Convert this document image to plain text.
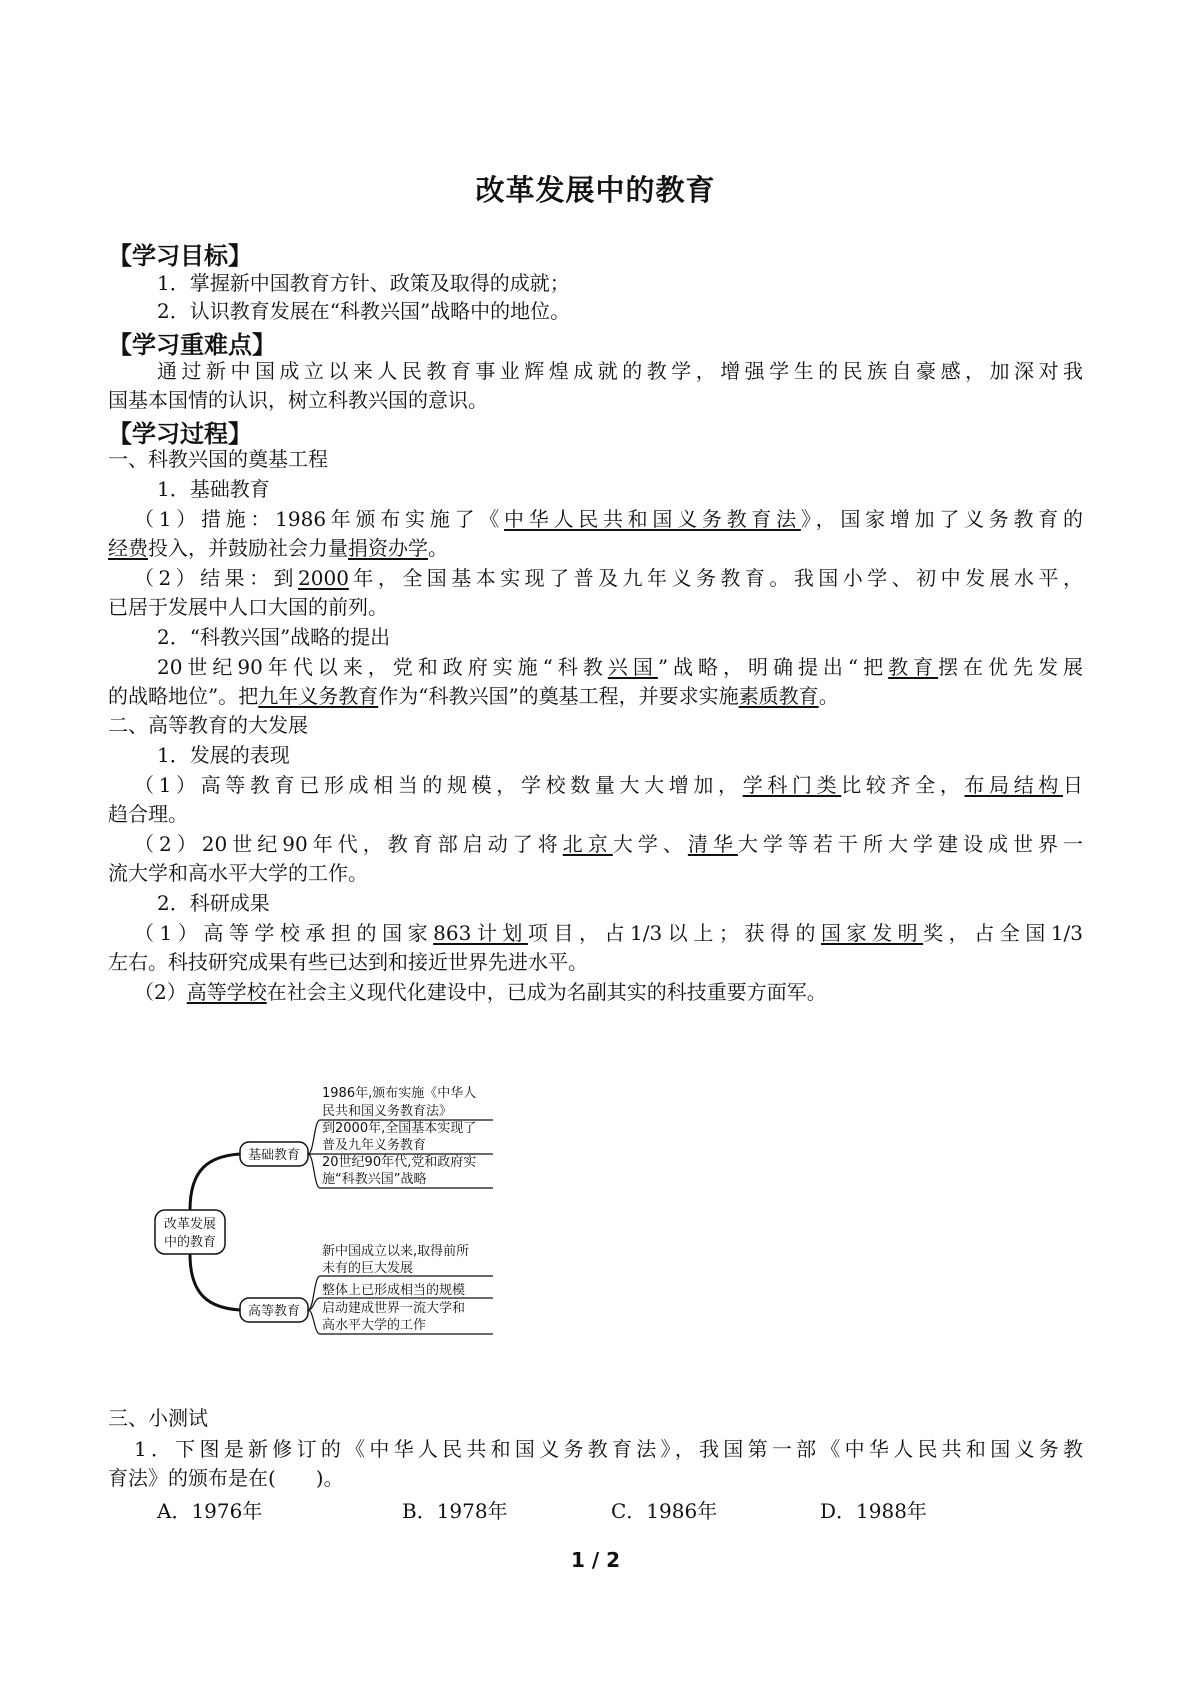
改革发展中的教育
【学习目标】
1．掌握新中国教育方针、政策及取得的成就；
2．认识教育发展在“科教兴国”战略中的地位。
【学习重难点】
通过新中国成立以来人民教育事业辉煌成就的教学，增强学生的民族自豪感，加深对我
国基本国情的认识，树立科教兴国的意识。
【学习过程】
一、科教兴国的奠基工程
1．基础教育
（1）措施：1986年颁布实施了《中华人民共和国义务教育法》，国家增加了义务教育的
经费投入，并鼓励社会力量捐资办学。
（2）结果：到2000年，全国基本实现了普及九年义务教育。我国小学、初中发展水平，
已居于发展中人口大国的前列。
2．“科教兴国”战略的提出
20世纪90年代以来，党和政府实施“科教兴国”战略，明确提出“把教育摆在优先发展
的战略地位”。把九年义务教育作为“科教兴国”的奠基工程，并要求实施素质教育。
二、高等教育的大发展
1．发展的表现
（1）高等教育已形成相当的规模，学校数量大大增加，学科门类比较齐全，布局结构日
趋合理。
（2）20世纪90年代，教育部启动了将北京大学、清华大学等若干所大学建设成世界一
流大学和高水平大学的工作。
2．科研成果
（1）高等学校承担的国家863计划项目，占1/3以上；获得的国家发明奖，占全国1/3
左右。科技研究成果有些已达到和接近世界先进水平。
（2）高等学校在社会主义现代化建设中，已成为名副其实的科技重要方面军。
改革发展
中的教育
基础教育
1986年,颁布实施《中华人
民共和国义务教育法》
到2000年,全国基本实现了
普及九年义务教育
20世纪90年代,党和政府实
施“科教兴国”战略
高等教育
新中国成立以来,取得前所
未有的巨大发展
整体上已形成相当的规模
启动建成世界一流大学和
高水平大学的工作
三、小测试
1．下图是新修订的《中华人民共和国义务教育法》，我国第一部《中华人民共和国义务教
育法》的颁布是在(　　)。
A．1976年	B．1978年	C．1986年	D．1988年
1 / 2
